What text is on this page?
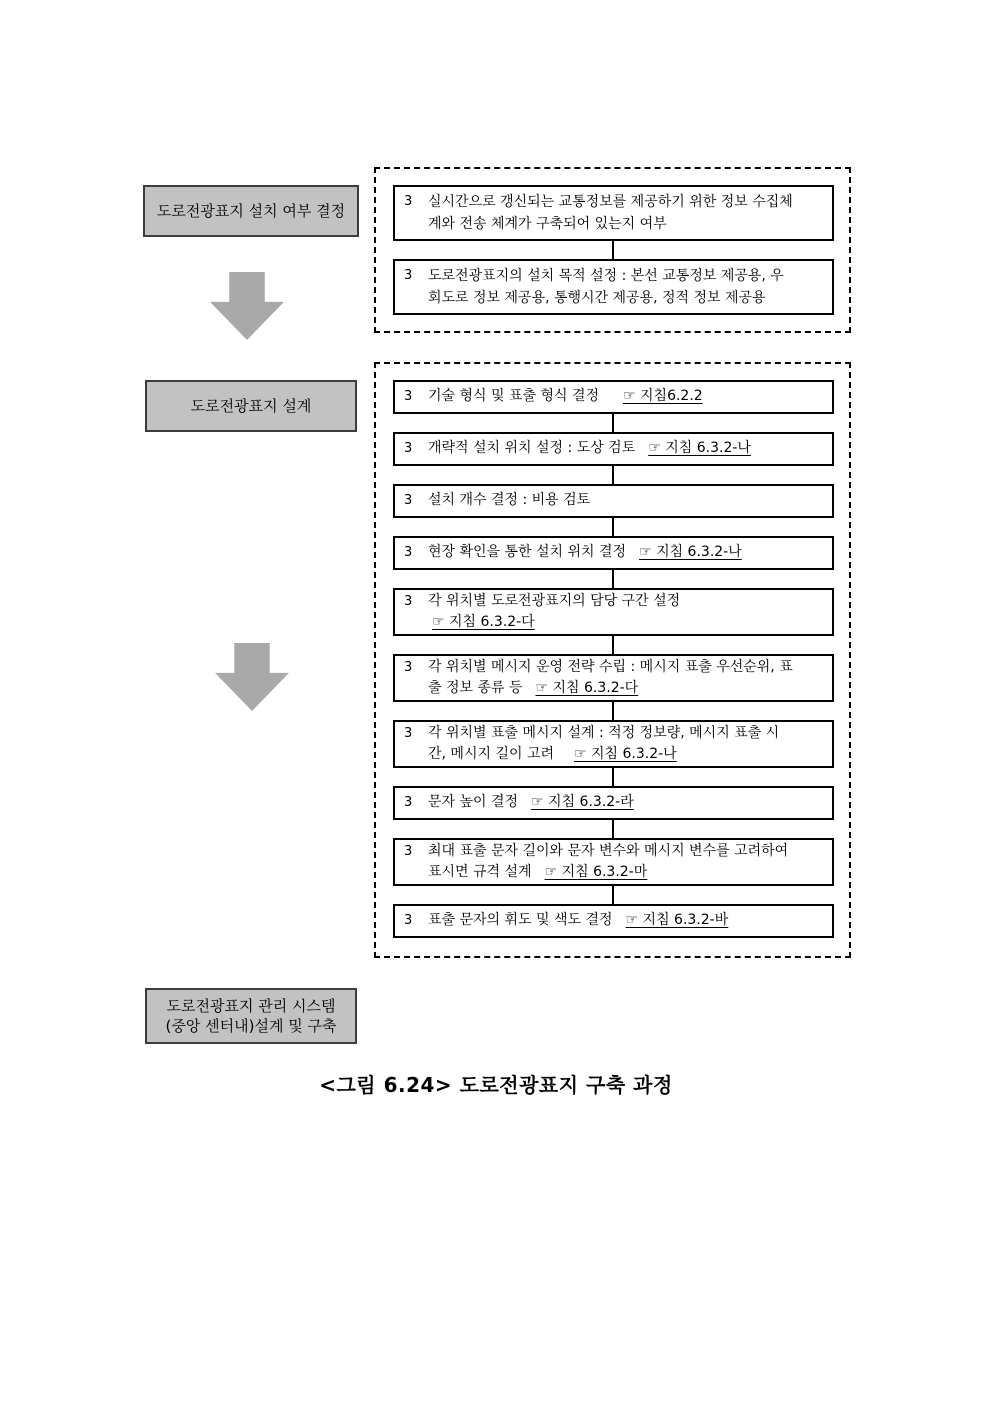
도로전광표지 설치 여부 결정
3	실시간으로 갱신되는 교통정보를 제공하기 위한 정보 수집체
계와 전송 체계가 구축되어 있는지 여부
3	도로전광표지의 설치 목적 설정 : 본선 교통정보 제공용, 우
회도로 정보 제공용, 통행시간 제공용, 정적 정보 제공용
도로전광표지 설계
3	기술 형식 및 표출 형식 결정 ☞ 지침6.2.2
3	개략적 설치 위치 설정 : 도상 검토 ☞ 지침 6.3.2-나
3	설치 개수 결정 : 비용 검토
3	현장 확인을 통한 설치 위치 결정 ☞ 지침 6.3.2-나
3	각 위치별 도로전광표지의 담당 구간 설정
☞ 지침 6.3.2-다
3	각 위치별 메시지 운영 전략 수립 : 메시지 표출 우선순위, 표
출 정보 종류 등 ☞ 지침 6.3.2-다
3	각 위치별 표출 메시지 설계 : 적정 정보량, 메시지 표출 시
간, 메시지 길이 고려 ☞ 지침 6.3.2-나
3	문자 높이 결정 ☞ 지침 6.3.2-라
3	최대 표출 문자 길이와 문자 변수와 메시지 변수를 고려하여
표시면 규격 설계 ☞ 지침 6.3.2-마
3	표출 문자의 휘도 및 색도 결정 ☞ 지침 6.3.2-바
도로전광표지 관리 시스템
(중앙 센터내)설계 및 구축
<그림 6.24> 도로전광표지 구축 과정
